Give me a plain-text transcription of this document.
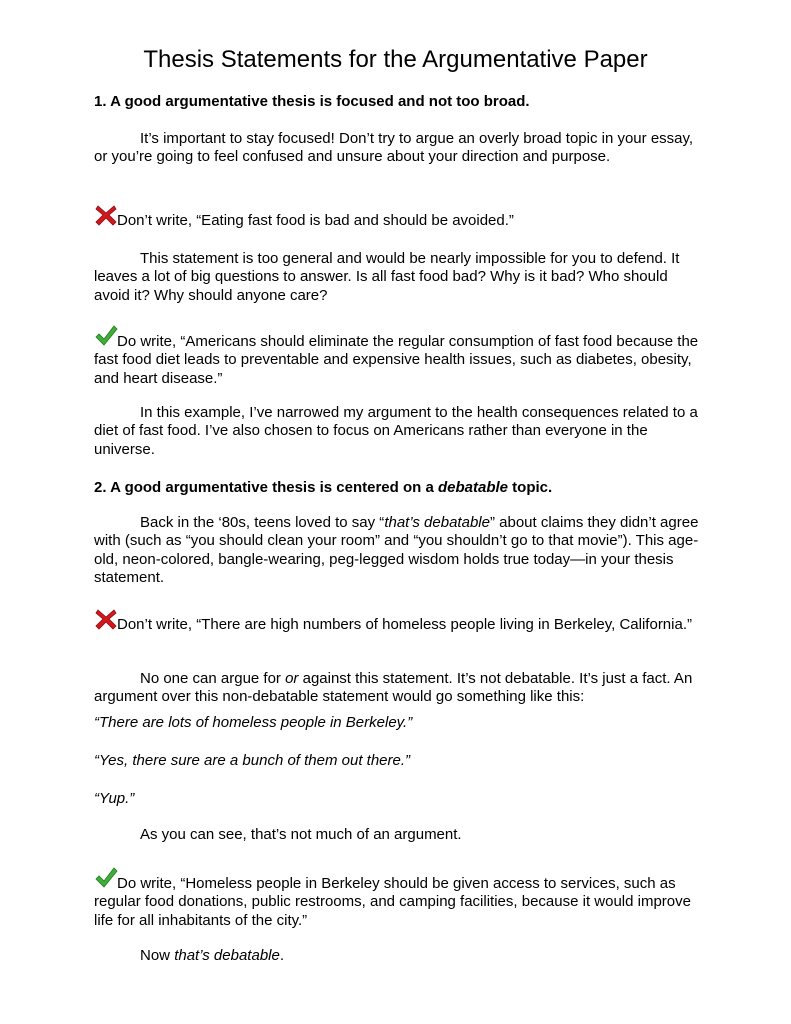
Thesis Statements for the Argumentative Paper

1. A good argumentative thesis is focused and not too broad.

It’s important to stay focused! Don’t try to argue an overly broad topic in your essay, or you’re going to feel confused and unsure about your direction and purpose.

Don’t write, “Eating fast food is bad and should be avoided.”

This statement is too general and would be nearly impossible for you to defend. It leaves a lot of big questions to answer. Is all fast food bad? Why is it bad? Who should avoid it? Why should anyone care?

Do write, “Americans should eliminate the regular consumption of fast food because the fast food diet leads to preventable and expensive health issues, such as diabetes, obesity, and heart disease.”

In this example, I’ve narrowed my argument to the health consequences related to a diet of fast food. I’ve also chosen to focus on Americans rather than everyone in the universe.

2. A good argumentative thesis is centered on a debatable topic.

Back in the ‘80s, teens loved to say “that’s debatable” about claims they didn’t agree with (such as “you should clean your room” and “you shouldn’t go to that movie”). This age-old, neon-colored, bangle-wearing, peg-legged wisdom holds true today—in your thesis statement.

Don’t write, “There are high numbers of homeless people living in Berkeley, California.”

No one can argue for or against this statement. It’s not debatable. It’s just a fact. An argument over this non-debatable statement would go something like this:

“There are lots of homeless people in Berkeley.”

“Yes, there sure are a bunch of them out there.”

“Yup.”

As you can see, that’s not much of an argument.

Do write, “Homeless people in Berkeley should be given access to services, such as regular food donations, public restrooms, and camping facilities, because it would improve life for all inhabitants of the city.”

Now that’s debatable.
